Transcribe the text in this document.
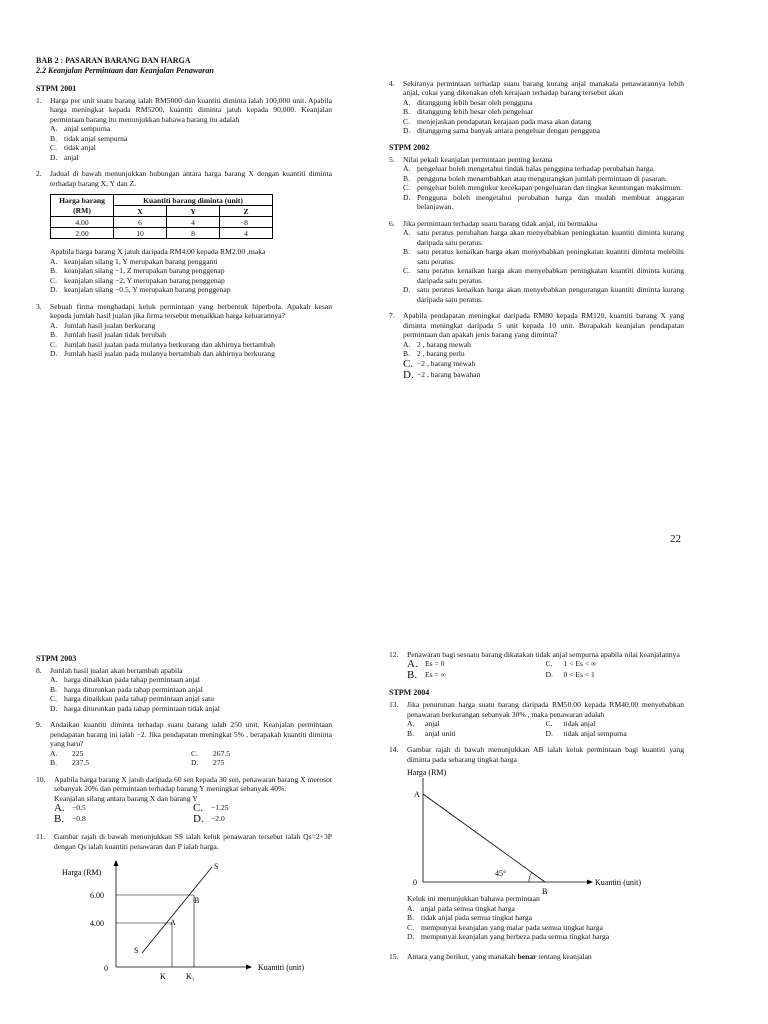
BAB 2 : PASARAN BARANG DAN HARGA
2.2 Keanjalan Permintaan dan Keanjalan Penawaran
STPM 2001
1.	Harga per unit suatu barang ialah RM5000 dan kuantiti diminta ialah 100,000 unit. Apabila harga meningkat kepada RM5200, kuantiti diminta jatuh kepada 90,000. Keanjalan permintaan barang itu menunjukkan bahawa barang itu adalah
A. anjal sempurna
B. tidak anjal sempurna
C. tidak anjal
D. anjal
2.	Jadual di bawah menunjukkan hubungan antara harga barang X dengan kuantiti diminta terhadap barang X, Y dan Z.
Harga barang (RM)	Kuantiti barang diminta (unit)		
	X	Y	Z
4.00	6	4	8
2.00	10	8	4
Apabila harga barang X jatuh daripada RM4.00 kepada RM2.00 ,maka
A. keanjalan silang 1, Y merupakan barang pengganti
B. keanjalan silang −1, Z merupakan barang penggenap
C. keanjalan silang −2, Y merupakan barang penggenap
D. keanjalan silang −0.5, Y merupakan barang penggenap
3.	Sebuah firma menghadapi keluk permintaan yang berbentuk hiperbola. Apakah kesan kepada jumlah hasil jualan jika firma tersebut menaikkan harga keluarannya?
A. Jumlah hasil jualan berkurang
B. Jumlah hasil jualan tidak berubah
C. Jumlah hasil jualan pada mulanya berkurang dan akhirnya bertambah
D. Jumlah hasil jualan pada mulanya bertambah dan akhirnya berkurang
4.	Sekiranya permintaan terhadap suatu barang kurang anjal manakala penawarannya lebih anjal, cukai yang dikenakan oleh kerajaan terhadap barang tersebut akan
A. ditanggung lebih besar oleh pengguna
B. ditanggung lebih besar oleh pengeluar
C. menjejaskan pendapatan kerajaan pada masa akan datang
D. ditanggung sama banyak antara pengeluar dengan pengguna
STPM 2002
5.	Nilai pekali keanjalan permintaan penting kerana
A. pengeluar boleh mengetahui tindak balas pengguna terhadap perubahan harga.
B. pengguna boleh menambahkan atau mengurangkan jumlah permintaan di pasaran.
C. pengeluar boleh mengukur kecekapan pengeluaran dan tingkat keuntungan maksimum.
D. Pengguna boleh mengetahui perubahan harga dan mudah membuat anggaran belanjawan.
6.	Jika permintaan terhadap suatu barang tidak anjal, ini bermakna
A. satu peratus perubahan harga akan menyebabkan peningkatan kuantiti diminta kurang daripada satu peratus.
B. satu peratus kenaikan harga akan menyebabkan peningkatan kuantiti diminta melebihi satu peratus.
C. satu peratus kenaikan harga akan menyebabkan peningkatan kuantiti diminta kurang daripada satu peratus.
D. satu peratus kenaikan harga akan menyebabkan pengurangan kuantiti diminta kurang daripada satu peratus.
7.	Apabila pendapatan meningkat daripada RM80 kepada RM120, kuantiti barang X yang diminta meningkat daripada 5 unit kepada 10 unit. Berapakah keanjalan pendapatan permintaan dan apakah jenis barang yang diminta?
A. 2 , barang mewah
B. 2 , barang perlu
C. −2 , barang mewah
D. −2 , barang bawahan
22
STPM 2003
8.	Jumlah hasil jualan akan bertambah apabila
A. harga dinaikkan pada tahap permintaan anjal
B. harga diturunkan pada tahap permintaan anjal
C. harga dinaikkan pada tahap permintaan anjal satu
D. harga diturunkan pada tahap permintaan tidak anjal
9.	Andaikan kuantiti diminta terhadap suatu barang ialah 250 unit. Keanjalan permintaan pendapatan barang ini ialah −2. Jika pendapatan meningkat 5% , berapakah kuantiti diminta yang baru?
A.	225	C.	267.5
B.	237.5	D.	275
10.	Apabila harga barang X jatuh daripada 60 sen kepada 30 sen, penawaran barang X merosot sebanyak 20% dan permintaan terhadap barang Y meningkat sebanyak 40%.
Keanjalan silang antara barang X dan barang Y
A. −0.5	C.	−1.25
B.	−0.8	D. −2.0
11.	Gambar rajah di bawah menunjukkan SS ialah keluk penawaran tersebut ialah Qs=2+3P dengan Qs ialah kuantiti penawaran dan P ialah harga.
Harga (RM)
6.00
4.00
0
S
S
A
B
Kuantiti (unit)
K	K₁
12.	Penawaran bagi sesuatu barang dikatakan tidak anjal sempurna apabila nilai keanjalannya
A. Es = 0	C.	1 < Es < ∞
B.	Es = ∞	D.	0 < Es < 1
STPM 2004
13.	Jika penurunan harga suatu barang daripada RM50.00 kepada RM40.00 menyebabkan penawaran berkurangan sebanyak 30% , maka penawaran adalah
A.	anjal	C.	tidak anjal
B.	anjal uniti	D.	tidak anjal sempurna
14.	Gambar rajah di bawah menunjukkan AB ialah keluk permintaan bagi kuantiti yang diminta pada sebarang tingkat harga
Harga (RM)
A
0
45°
B
Kuantiti (unit)
Keluk ini menunjukkan bahawa permintaan
A. anjal pada semua tingkat harga
B. tidak anjal pada semua tingkat harga
C. mempunyai keanjalan yang malar pada semua tingkat harga
D. mempunyai keanjalan yang berbeza pada semua tingkat harga
15.	Antara yang berikut, yang manakah benar tentang keanjalan
